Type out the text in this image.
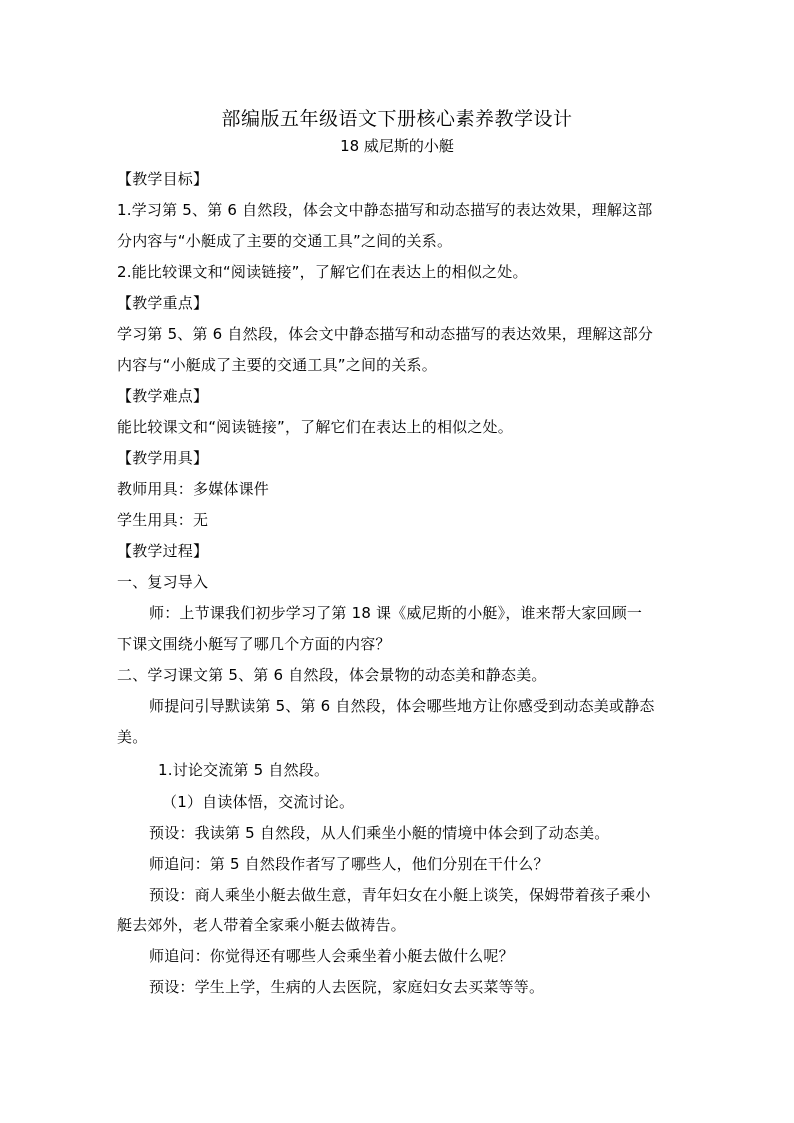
部编版五年级语文下册核心素养教学设计
18 威尼斯的小艇
【教学目标】
1.学习第 5、第 6 自然段，体会文中静态描写和动态描写的表达效果，理解这部
分内容与“小艇成了主要的交通工具”之间的关系。
2.能比较课文和“阅读链接”，了解它们在表达上的相似之处。
【教学重点】
学习第 5、第 6 自然段，体会文中静态描写和动态描写的表达效果，理解这部分
内容与“小艇成了主要的交通工具”之间的关系。
【教学难点】
能比较课文和“阅读链接”，了解它们在表达上的相似之处。
【教学用具】
教师用具：多媒体课件
学生用具：无
【教学过程】
一、复习导入
师：上节课我们初步学习了第 18 课《威尼斯的小艇》，谁来帮大家回顾一
下课文围绕小艇写了哪几个方面的内容？
二、学习课文第 5、第 6 自然段，体会景物的动态美和静态美。
师提问引导默读第 5、第 6 自然段，体会哪些地方让你感受到动态美或静态
美。
1.讨论交流第 5 自然段。
（1）自读体悟，交流讨论。
预设：我读第 5 自然段，从人们乘坐小艇的情境中体会到了动态美。
师追问：第 5 自然段作者写了哪些人，他们分别在干什么？
预设：商人乘坐小艇去做生意，青年妇女在小艇上谈笑，保姆带着孩子乘小
艇去郊外，老人带着全家乘小艇去做祷告。
师追问：你觉得还有哪些人会乘坐着小艇去做什么呢？
预设：学生上学，生病的人去医院，家庭妇女去买菜等等。
